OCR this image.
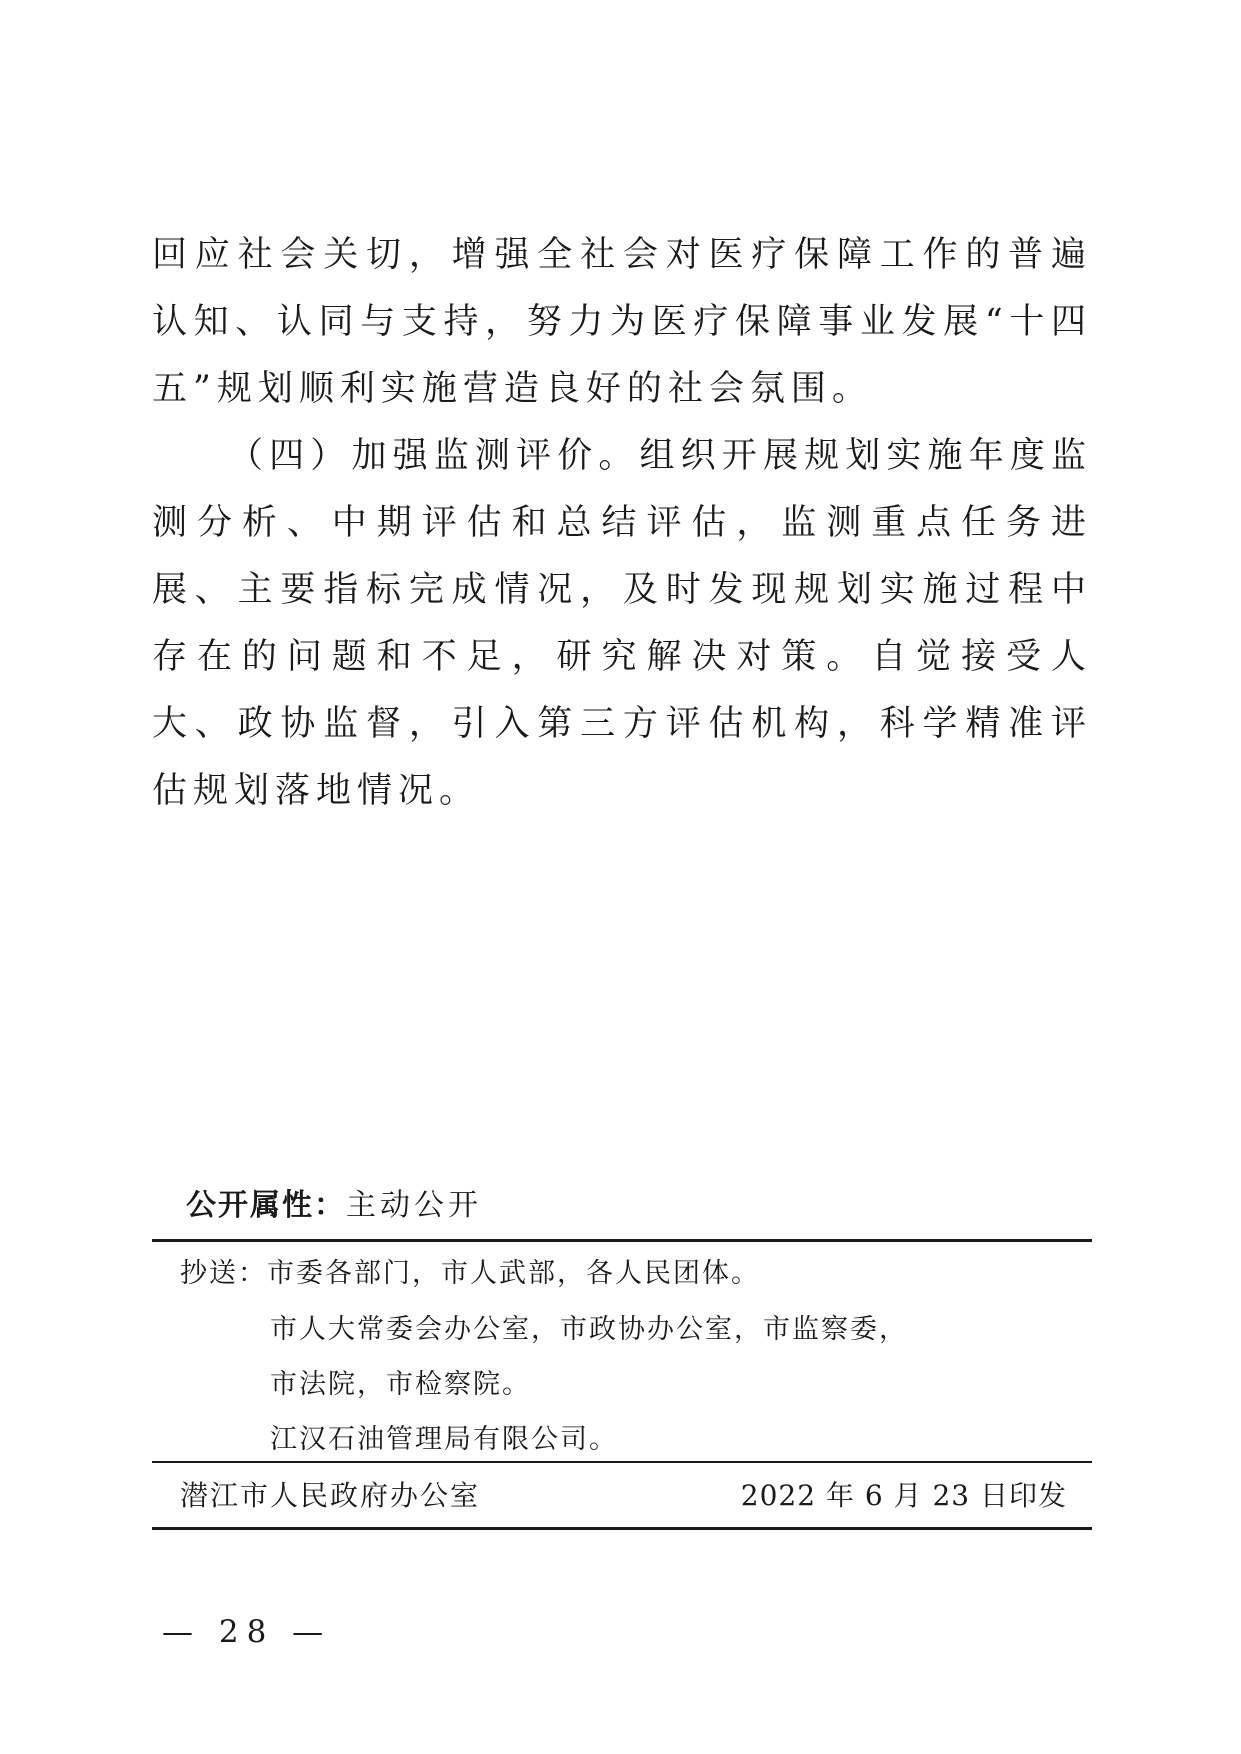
回应社会关切，增强全社会对医疗保障工作的普遍认知、认同与支持，努力为医疗保障事业发展“十四五”规划顺利实施营造良好的社会氛围。

（四）加强监测评价。组织开展规划实施年度监测分析、中期评估和总结评估，监测重点任务进展、主要指标完成情况，及时发现规划实施过程中存在的问题和不足，研究解决对策。自觉接受人大、政协监督，引入第三方评估机构，科学精准评估规划落地情况。

公开属性：主动公开
抄送：市委各部门，市人武部，各人民团体。
市人大常委会办公室，市政协办公室，市监察委，
市法院，市检察院。
江汉石油管理局有限公司。
潜江市人民政府办公室	2022 年 6 月 23 日印发
— 28 —
